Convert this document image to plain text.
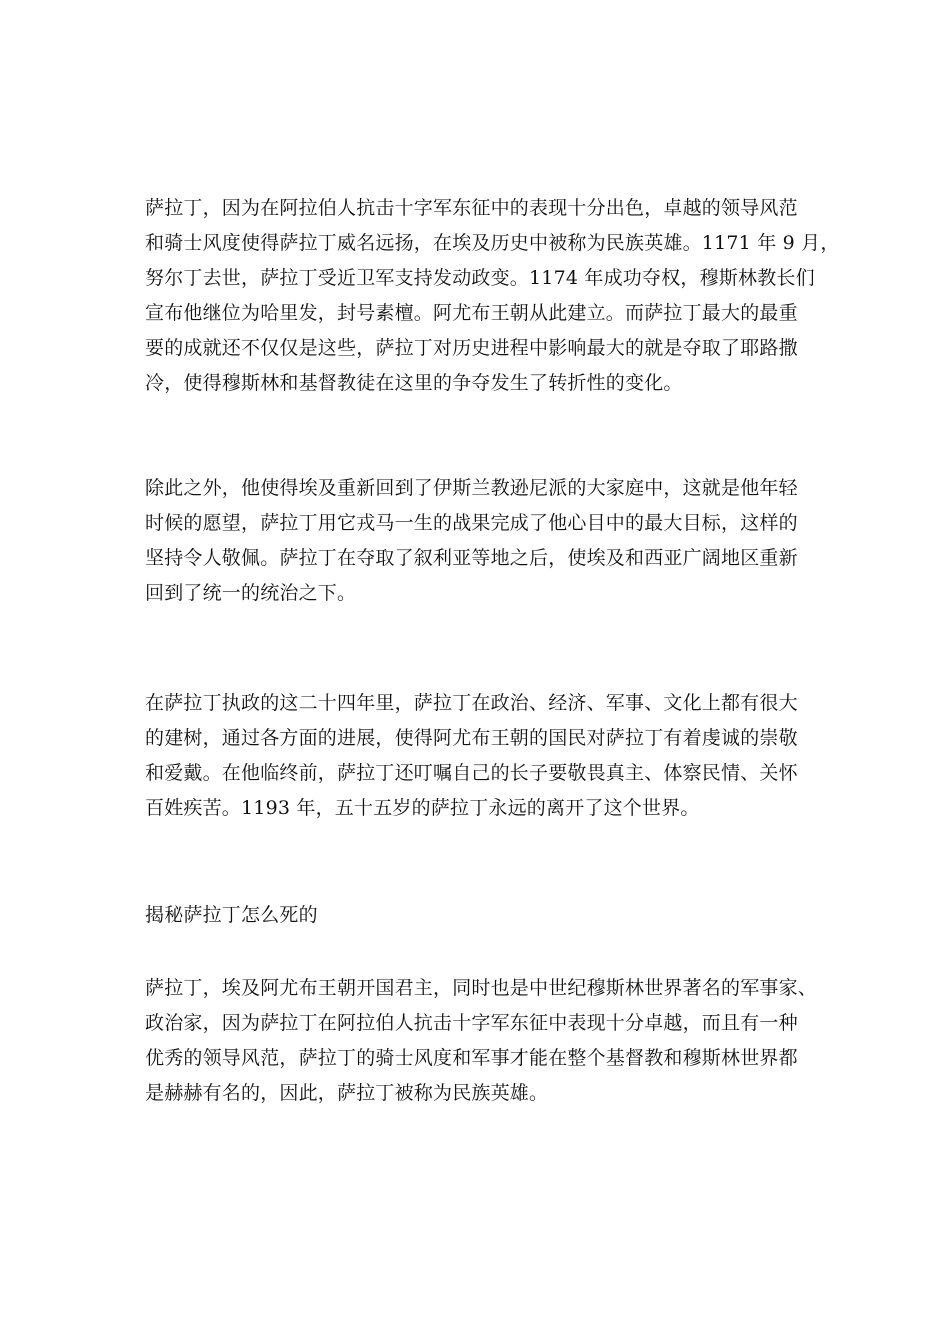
萨拉丁，因为在阿拉伯人抗击十字军东征中的表现十分出色，卓越的领导风范
和骑士风度使得萨拉丁威名远扬，在埃及历史中被称为民族英雄。1171 年 9 月，
努尔丁去世，萨拉丁受近卫军支持发动政变。1174 年成功夺权，穆斯林教长们
宣布他继位为哈里发，封号素檀。阿尤布王朝从此建立。而萨拉丁最大的最重
要的成就还不仅仅是这些，萨拉丁对历史进程中影响最大的就是夺取了耶路撒
冷，使得穆斯林和基督教徒在这里的争夺发生了转折性的变化。
除此之外，他使得埃及重新回到了伊斯兰教逊尼派的大家庭中，这就是他年轻
时候的愿望，萨拉丁用它戎马一生的战果完成了他心目中的最大目标，这样的
坚持令人敬佩。萨拉丁在夺取了叙利亚等地之后，使埃及和西亚广阔地区重新
回到了统一的统治之下。
在萨拉丁执政的这二十四年里，萨拉丁在政治、经济、军事、文化上都有很大
的建树，通过各方面的进展，使得阿尤布王朝的国民对萨拉丁有着虔诚的崇敬
和爱戴。在他临终前，萨拉丁还叮嘱自己的长子要敬畏真主、体察民情、关怀
百姓疾苦。1193 年，五十五岁的萨拉丁永远的离开了这个世界。
揭秘萨拉丁怎么死的
萨拉丁，埃及阿尤布王朝开国君主，同时也是中世纪穆斯林世界著名的军事家、
政治家，因为萨拉丁在阿拉伯人抗击十字军东征中表现十分卓越，而且有一种
优秀的领导风范，萨拉丁的骑士风度和军事才能在整个基督教和穆斯林世界都
是赫赫有名的，因此，萨拉丁被称为民族英雄。
